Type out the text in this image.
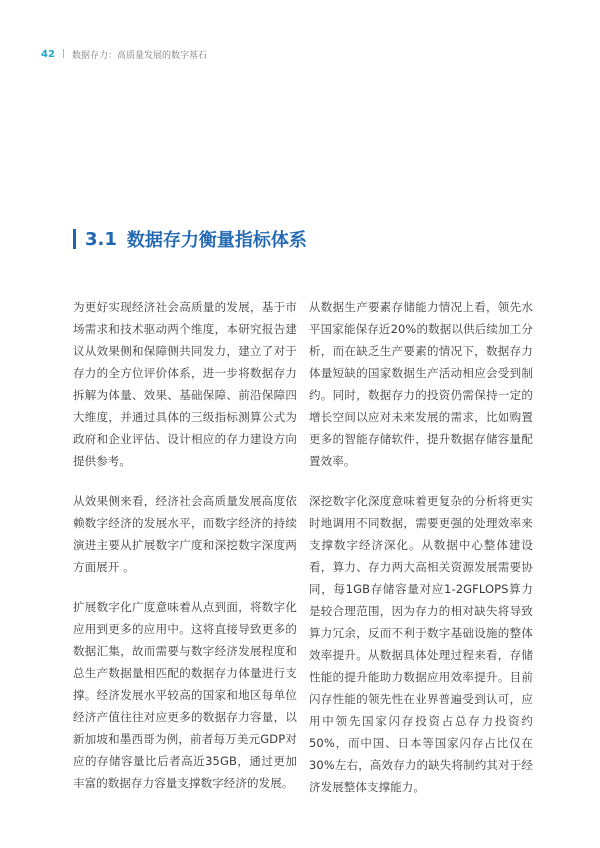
42 | 数据存力：高质量发展的数字基石
3.1 数据存力衡量指标体系

为更好实现经济社会高质量的发展，基于市场需求和技术驱动两个维度，本研究报告建议从效果侧和保障侧共同发力，建立了对于存力的全方位评价体系，进一步将数据存力拆解为体量、效果、基础保障、前沿保障四大维度，并通过具体的三级指标测算公式为政府和企业评估、设计相应的存力建设方向提供参考。

从效果侧来看，经济社会高质量发展高度依赖数字经济的发展水平，而数字经济的持续演进主要从扩展数字广度和深挖数字深度两方面展开 。

扩展数字化广度意味着从点到面，将数字化应用到更多的应用中。这将直接导致更多的数据汇集，故而需要与数字经济发展程度和总生产数据量相匹配的数据存力体量进行支撑。经济发展水平较高的国家和地区每单位经济产值往往对应更多的数据存力容量，以新加坡和墨西哥为例，前者每万美元GDP对应的存储容量比后者高近35GB，通过更加丰富的数据存力容量支撑数字经济的发展。

从数据生产要素存储能力情况上看，领先水平国家能保存近20%的数据以供后续加工分析，而在缺乏生产要素的情况下，数据存力体量短缺的国家数据生产活动相应会受到制约。同时，数据存力的投资仍需保持一定的增长空间以应对未来发展的需求，比如购置更多的智能存储软件，提升数据存储容量配置效率。

深挖数字化深度意味着更复杂的分析将更实时地调用不同数据，需要更强的处理效率来支撑数字经济深化。从数据中心整体建设看，算力、存力两大高相关资源发展需要协同，每1GB存储容量对应1-2GFLOPS算力是较合理范围，因为存力的相对缺失将导致算力冗余，反而不利于数字基础设施的整体效率提升。从数据具体处理过程来看，存储性能的提升能助力数据应用效率提升。目前闪存性能的领先性在业界普遍受到认可，应用中领先国家闪存投资占总存力投资约50%，而中国、日本等国家闪存占比仅在30%左右，高效存力的缺失将制约其对于经济发展整体支撑能力。
